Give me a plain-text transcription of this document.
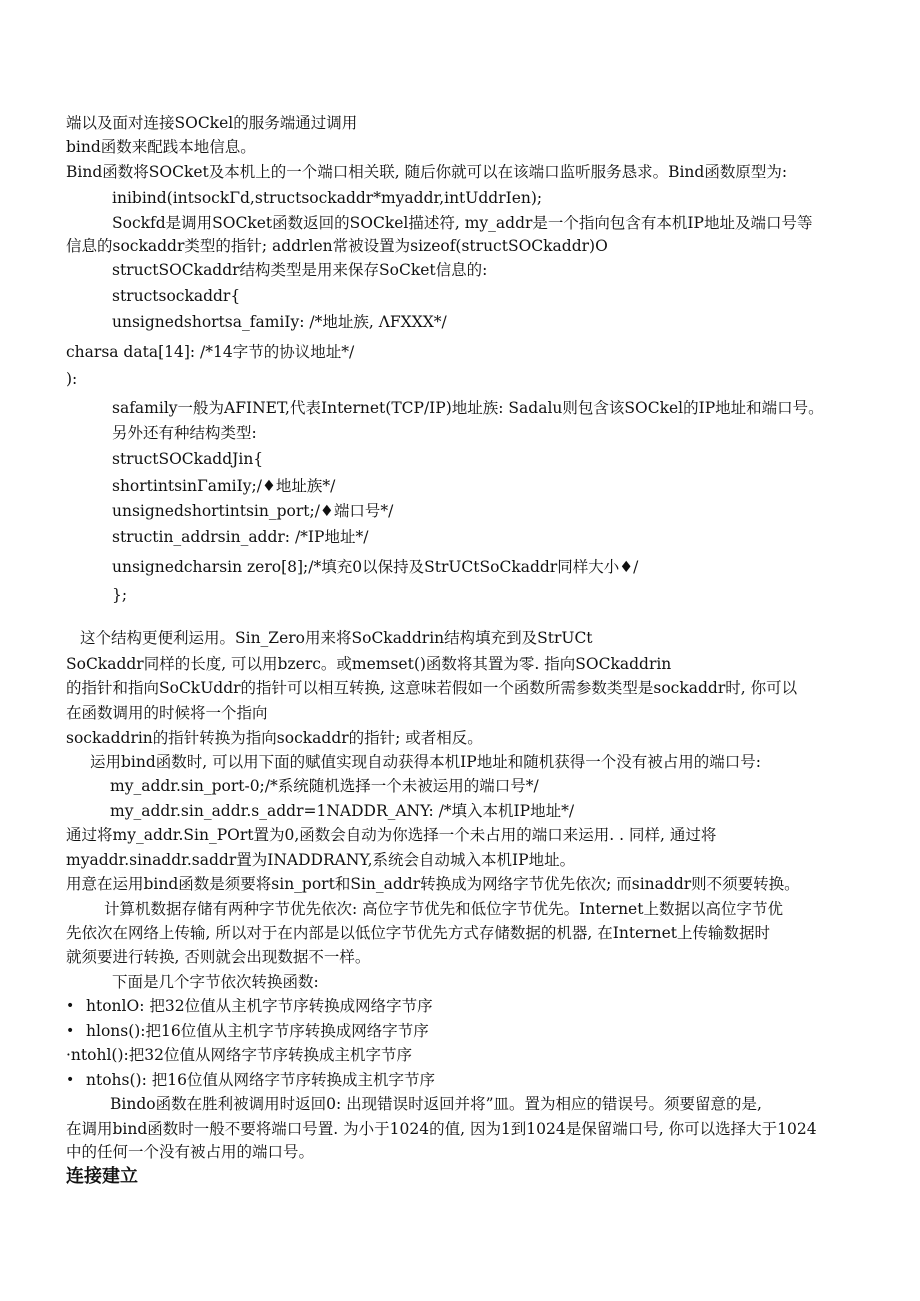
端以及面对连接SOCkel的服务端通过调用
bind函数来配践本地信息。
Bind函数将SOCket及本机上的一个端口相关联, 随后你就可以在该端口监听服务恳求。Bind函数原型为:
inibind(intsockΓd,structsockaddr*myaddr,intUddrIen);
Sockfd是调用SOCket函数返回的SOCkel描述符, my_addr是一个指向包含有本机IP地址及端口号等
信息的sockaddr类型的指针; addrlen常被设置为sizeof(structSOCkaddr)O
structSOCkaddr结构类型是用来保存SoCket信息的:
structsockaddr{
unsignedshortsa_famiIy: /*地址族, ΛFXXX*/
charsa data[14]: /*14字节的协议地址*/
):
safamily一般为AFINET,代表Internet(TCP/IP)地址族: Sadalu则包含该SOCkel的IP地址和端口号。
另外还有种结构类型:
structSOCkaddJin{
shortintsinΓamiIy;/♦地址族*/
unsignedshortintsin_port;/♦端口号*/
structin_addrsin_addr: /*IP地址*/
unsignedcharsin zero[8];/*填充0以保持及StrUCtSoCkaddr同样大小♦/
};
这个结构更便利运用。Sin_Zero用来将SoCkaddrin结构填充到及StrUCt
SoCkaddr同样的长度, 可以用bzerc。或memset()函数将其置为零. 指向SOCkaddrin
的指针和指向SoCkUddr的指针可以相互转换, 这意味若假如一个函数所需参数类型是sockaddr时, 你可以
在函数调用的时候将一个指向
sockaddrin的指针转换为指向sockaddr的指针; 或者相反。
运用bind函数时, 可以用下面的赋值实现自动获得本机IP地址和随机获得一个没有被占用的端口号:
my_addr.sin_port-0;/*系统随机选择一个未被运用的端口号*/
my_addr.sin_addr.s_addr=1NADDR_ANY: /*填入本机IP地址*/
通过将my_addr.Sin_POrt置为0,函数会自动为你选择一个未占用的端口来运用. . 同样, 通过将
myaddr.sinaddr.saddr置为INADDRANY,系统会自动城入本机IP地址。
用意在运用bind函数是须要将sin_port和Sin_addr转换成为网络字节优先依次; 而sinaddr则不须要转换。
计算机数据存储有两种字节优先依次: 高位字节优先和低位字节优先。Internet上数据以高位字节优
先依次在网络上传输, 所以对于在内部是以低位字节优先方式存储数据的机器, 在Internet上传输数据时
就须要进行转换, 否则就会出现数据不一样。
下面是几个字节依次转换函数:
• htonlO: 把32位值从主机字节序转换成网络字节序
• hlons():把16位值从主机字节序转换成网络字节序
·ntohl():把32位值从网络字节序转换成主机字节序
• ntohs(): 把16位值从网络字节序转换成主机字节序
Bindo函数在胜利被调用时返回0: 出现错误时返回并将”皿。置为相应的错误号。须要留意的是,
在调用bind函数时一般不要将端口号置. 为小于1024的值, 因为1到1024是保留端口号, 你可以选择大于1024
中的任何一个没有被占用的端口号。
连接建立
